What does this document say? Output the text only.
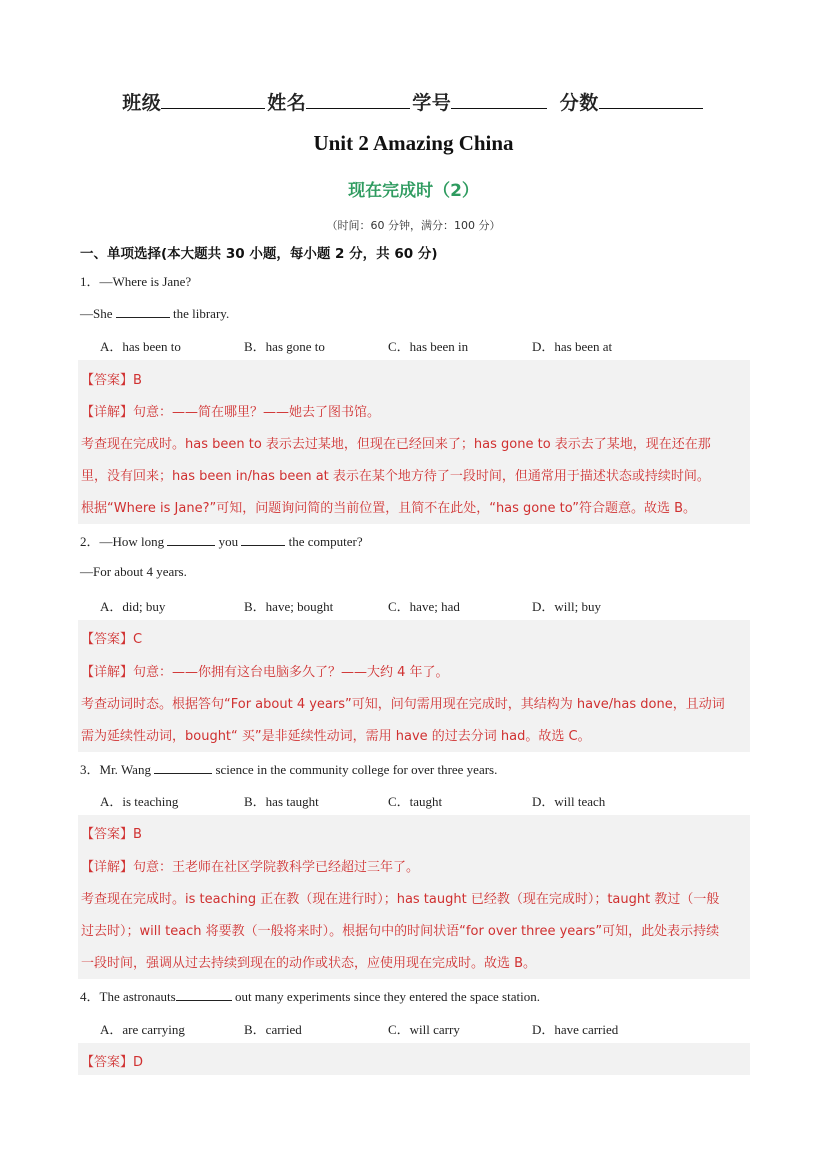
班级	姓名	学号	分数
Unit 2 Amazing China
现在完成时（2）
（时间：60 分钟，满分：100 分）
一、单项选择(本大题共 30 小题，每小题 2 分，共 60 分)
1．—Where is Jane?
—She	the library.
A．has been to	B．has gone to	C．has been in	D．has been at
【答案】B
【详解】句意：——简在哪里？——她去了图书馆。
考查现在完成时。has been to 表示去过某地，但现在已经回来了；has gone to 表示去了某地，现在还在那
里，没有回来；has been in/has been at 表示在某个地方待了一段时间，但通常用于描述状态或持续时间。
根据“Where is Jane?”可知，问题询问简的当前位置，且简不在此处，“has gone to”符合题意。故选 B。
2．—How long	you	the computer?
—For about 4 years.
A．did; buy	B．have; bought	C．have; had	D．will; buy
【答案】C
【详解】句意：——你拥有这台电脑多久了？——大约 4 年了。
考查动词时态。根据答句“For about 4 years”可知，问句需用现在完成时，其结构为 have/has done，且动词
需为延续性动词，bought“ 买”是非延续性动词，需用 have 的过去分词 had。故选 C。
3．Mr. Wang	science in the community college for over three years.
A．is teaching	B．has taught	C．taught	D．will teach
【答案】B
【详解】句意：王老师在社区学院教科学已经超过三年了。
考查现在完成时。is teaching 正在教（现在进行时）；has taught 已经教（现在完成时）；taught 教过（一般
过去时）；will teach 将要教（一般将来时）。根据句中的时间状语“for over three years”可知，此处表示持续
一段时间，强调从过去持续到现在的动作或状态，应使用现在完成时。故选 B。
4．The astronauts	out many experiments since they entered the space station.
A．are carrying	B．carried	C．will carry	D．have carried
【答案】D
